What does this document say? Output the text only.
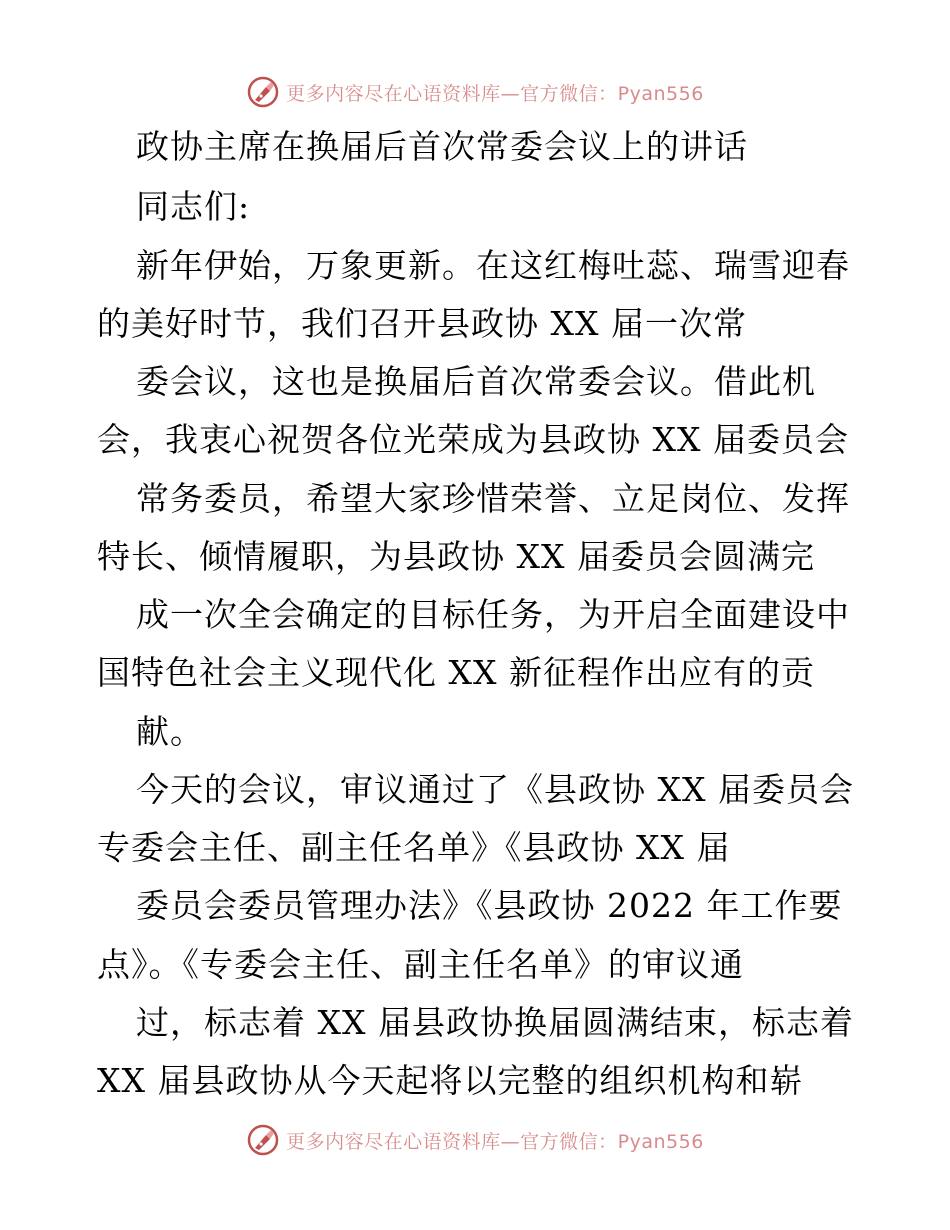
更多内容尽在心语资料库—官方微信：Pyan556
政协主席在换届后首次常委会议上的讲话
同志们:
新年伊始，万象更新。在这红梅吐蕊、瑞雪迎春
的美好时节，我们召开县政协 XX 届一次常
委会议，这也是换届后首次常委会议。借此机
会，我衷心祝贺各位光荣成为县政协 XX 届委员会
常务委员，希望大家珍惜荣誉、立足岗位、发挥
特长、倾情履职，为县政协 XX 届委员会圆满完
成一次全会确定的目标任务，为开启全面建设中
国特色社会主义现代化 XX 新征程作出应有的贡
献。
今天的会议，审议通过了《县政协 XX 届委员会
专委会主任、副主任名单》《县政协 XX 届
委员会委员管理办法》《县政协 2022 年工作要
点》。《专委会主任、副主任名单》的审议通
过，标志着 XX 届县政协换届圆满结束，标志着
XX 届县政协从今天起将以完整的组织机构和崭
更多内容尽在心语资料库—官方微信：Pyan556
